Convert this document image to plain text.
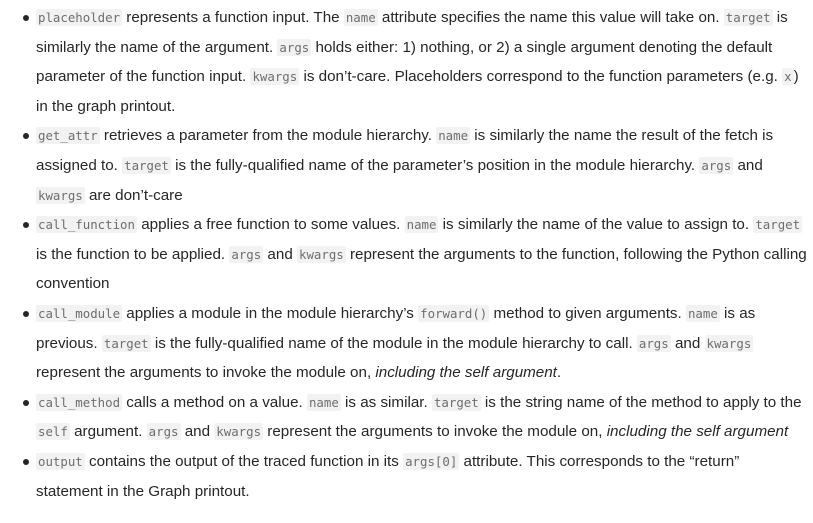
placeholder represents a function input. The name attribute specifies the name this value will take on. target is similarly the name of the argument. args holds either: 1) nothing, or 2) a single argument denoting the default parameter of the function input. kwargs is don’t-care. Placeholders correspond to the function parameters (e.g. x ) in the graph printout.
get_attr retrieves a parameter from the module hierarchy. name is similarly the name the result of the fetch is assigned to. target is the fully-qualified name of the parameter’s position in the module hierarchy. args and kwargs are don’t-care
call_function applies a free function to some values. name is similarly the name of the value to assign to. target is the function to be applied. args and kwargs represent the arguments to the function, following the Python calling convention
call_module applies a module in the module hierarchy’s forward() method to given arguments. name is as previous. target is the fully-qualified name of the module in the module hierarchy to call. args and kwargs represent the arguments to invoke the module on, including the self argument.
call_method calls a method on a value. name is as similar. target is the string name of the method to apply to the self argument. args and kwargs represent the arguments to invoke the module on, including the self argument
output contains the output of the traced function in its args[0] attribute. This corresponds to the “return” statement in the Graph printout.
